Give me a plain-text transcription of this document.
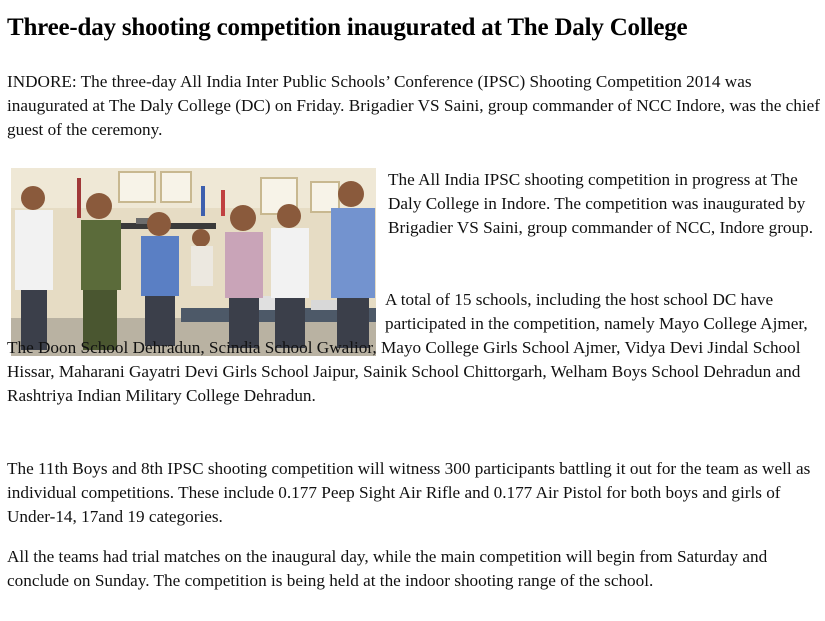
Three-day shooting competition inaugurated at The Daly College

INDORE: The three-day All India Inter Public Schools’ Conference (IPSC) Shooting Competition 2014 was inaugurated at The Daly College (DC) on Friday. Brigadier VS Saini, group commander of NCC Indore, was the chief guest of the ceremony.

The All India IPSC shooting competition in progress at The Daly College in Indore. The competition was inaugurated by Brigadier VS Saini, group commander of NCC, Indore group.

A total of 15 schools, including the host school DC have participated in the competition, namely Mayo College Ajmer, The Doon School Dehradun, Scindia School Gwalior, Mayo College Girls School Ajmer, Vidya Devi Jindal School Hissar, Maharani Gayatri Devi Girls School Jaipur, Sainik School Chittorgarh, Welham Boys School Dehradun and Rashtriya Indian Military College Dehradun.

The 11th Boys and 8th IPSC shooting competition will witness 300 participants battling it out for the team as well as individual competitions. These include 0.177 Peep Sight Air Rifle and 0.177 Air Pistol for both boys and girls of Under-14, 17and 19 categories.

All the teams had trial matches on the inaugural day, while the main competition will begin from Saturday and conclude on Sunday. The competition is being held at the indoor shooting range of the school.
